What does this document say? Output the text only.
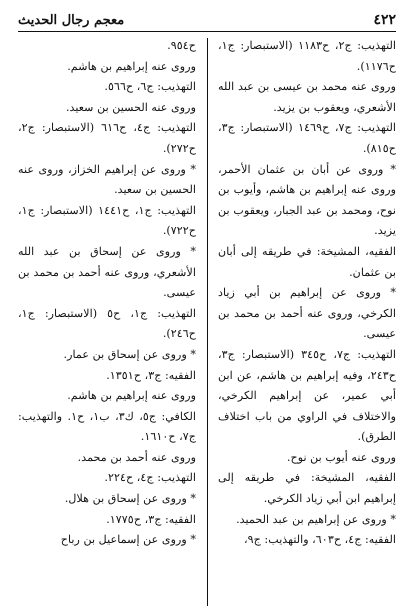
٤٢٢
معجم رجال الحديث

التهذيب: ج٢، ح١١٨٣ (الاستبصار: ج١، ح١١٧٦).

وروى عنه محمد بن عيسى بن عبد الله الأشعري، ويعقوب بن يزيد.

التهذيب: ج٧، ح١٤٦٩ (الاستبصار: ج٣، ح٨١٥).

* وروى عن أبان بن عثمان الأحمر، وروى عنه إبراهيم بن هاشم، وأيوب بن نوح، ومحمد بن عبد الجبار، ويعقوب بن يزيد.

الفقيه، المشيخة: في طريقه إلى أبان بن عثمان.

* وروى عن إبراهيم بن أبي زياد الكرخي، وروى عنه أحمد بن محمد بن عيسى.

التهذيب: ج٧، ح٣٤٥ (الاستبصار: ج٣، ح٢٤٣، وفيه إبراهيم بن هاشم، عن ابن أبي عمير، عن إبراهيم الكرخي، والاختلاف في الراوي من باب اختلاف الطرق).

وروى عنه أيوب بن نوح.

الفقيه، المشيخة: في طريقه إلى إبراهيم ابن أبي زياد الكرخي.

* وروى عن إبراهيم بن عبد الحميد.

الفقيه: ج٤، ح٦٠٣، والتهذيب: ج٩،

ح٩٥٤.

وروى عنه إبراهيم بن هاشم.

التهذيب: ج٦، ح٥٦٦.

وروى عنه الحسين بن سعيد.

التهذيب: ج٤، ح٦١٦ (الاستبصار: ج٢، ح٢٧٢).

* وروى عن إبراهيم الخزاز، وروى عنه الحسين بن سعيد.

التهذيب: ج١، ح١٤٤١ (الاستبصار: ج١، ح٧٢٢).

* وروى عن إسحاق بن عبد الله الأشعري، وروى عنه أحمد بن محمد بن عيسى.

التهذيب: ج١، ح٥ (الاستبصار: ج١، ح٢٤٦).

* وروى عن إسحاق بن عمار.

الفقيه: ج٣، ح١٣٥١.

وروى عنه إبراهيم بن هاشم.

الكافي: ج٥، ك٣، ب١، ح١. والتهذيب: ج٧، ح١٦١٠.

وروى عنه أحمد بن محمد.

التهذيب: ج٤، ح٢٢٤.

* وروى عن إسحاق بن هلال.

الفقيه: ج٣، ح١٧٧٥.

* وروى عن إسماعيل بن رباح
